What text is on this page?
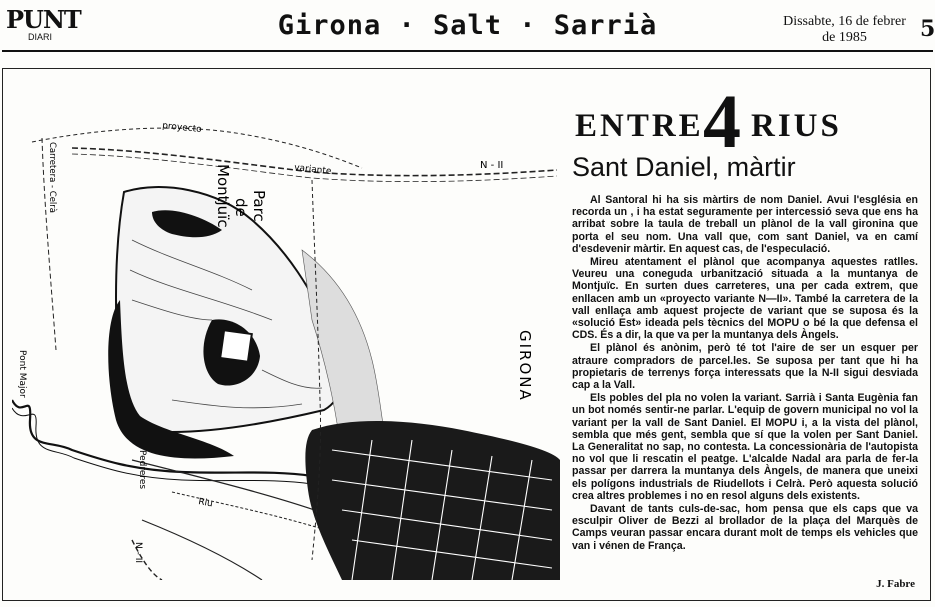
PUNT
DIARI	Girona · Salt · Sarrià	Dissabte, 16 de febrer
de 1985	5
proyecto
variante	N - II
Carretera - Celrà	Parc
de
Montjuïc
GIRONA
Pont Major
Pedreres
Riu
N - II
ENTRE 4 RIUS
Sant Daniel, màrtir

Al Santoral hi ha sis màrtirs de nom Daniel. Avui l'església en recorda un , i ha estat seguramente per intercessió seva que ens ha arribat sobre la taula de treball un plànol de la vall gironina que porta el seu nom. Una vall que, com sant Daniel, va en camí d'esdevenir màrtir. En aquest cas, de l'especulació.

Mireu atentament el plànol que acompanya aquestes ratlles. Veureu una coneguda urbanització situada a la muntanya de Montjuïc. En surten dues carreteres, una per cada extrem, que enllacen amb un «proyecto variante N—II». També la carretera de la vall enllaça amb aquest projecte de variant que se suposa és la «solució Est» ideada pels tècnics del MOPU o bé la que defensa el CDS. És a dir, la que va per la muntanya dels Àngels.

El plànol és anònim, però té tot l'aire de ser un esquer per atraure compradors de parcel.les. Se suposa per tant que hi ha propietaris de terrenys força interessats que la N-II sigui desviada cap a la Vall.

Els pobles del pla no volen la variant. Sarrià i Santa Eugènia fan un bot només sentir-ne parlar. L'equip de govern municipal no vol la variant per la vall de Sant Daniel. El MOPU i, a la vista del plànol, sembla que més gent, sembla que sí que la volen per Sant Daniel. La Generalitat no sap, no contesta. La concessionària de l'autopista no vol que li rescatin el peatge. L'alcalde Nadal ara parla de fer-la passar per darrera la muntanya dels Àngels, de manera que uneixi els polígons industrials de Riudellots i Celrà. Però aquesta solució crea altres problemes i no en resol alguns dels existents.

Davant de tants culs-de-sac, hom pensa que els caps que va esculpir Oliver de Bezzi al brollador de la plaça del Marquès de Camps veuran passar encara durant molt de temps els vehicles que van i vénen de França.

J. Fabre
